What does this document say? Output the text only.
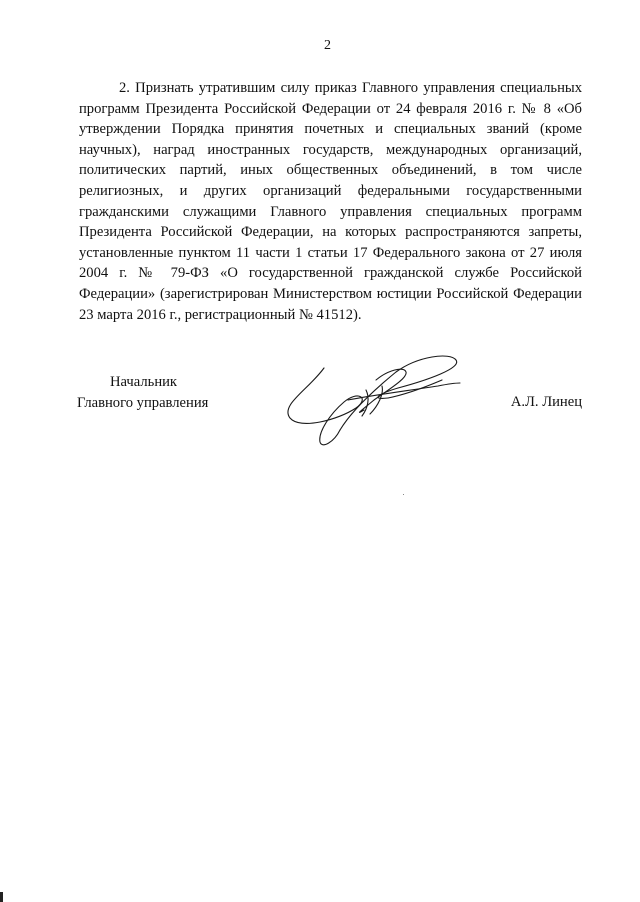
2

2. Признать утратившим силу приказ Главного управления специальных программ Президента Российской Федерации от 24 февраля 2016 г. № 8 «Об утверждении Порядка принятия почетных и специальных званий (кроме научных), наград иностранных государств, международных организаций, политических партий, иных общественных объединений, в том числе религиозных, и других организаций федеральными государственными гражданскими служащими Главного управления специальных программ Президента Российской Федерации, на которых распространяются запреты, установленные пунктом 11 части 1 статьи 17 Федерального закона от 27 июля 2004 г. № 79-ФЗ «О государственной гражданской службе Российской Федерации» (зарегистрирован Министерством юстиции Российской Федерации 23 марта 2016 г., регистрационный № 41512).

Начальник
Главного управления	А.Л. Линец
